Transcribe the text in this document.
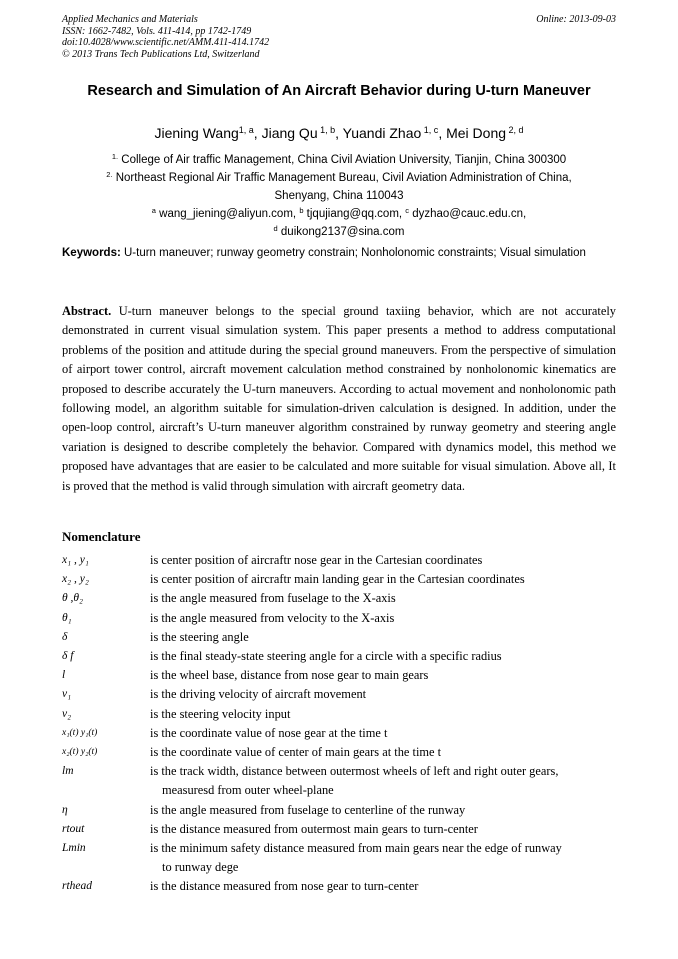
Applied Mechanics and Materials
ISSN: 1662-7482, Vols. 411-414, pp 1742-1749
doi:10.4028/www.scientific.net/AMM.411-414.1742
© 2013 Trans Tech Publications Ltd, Switzerland
Online: 2013-09-03
Research and Simulation of An Aircraft Behavior during U-turn Maneuver
Jiening Wang$^{1, a}$, Jiang Qu $^{1, b}$, Yuandi Zhao $^{1, c}$, Mei Dong $^{2, d}$
$^{1.}$ College of Air traffic Management, China Civil Aviation University, Tianjin, China 300300
$^{2.}$ Northeast Regional Air Traffic Management Bureau, Civil Aviation Administration of China,
Shenyang, China 110043
$^a$ wang_jiening@aliyun.com, $^b$ tjqujiang@qq.com, $^c$ dyzhao@cauc.edu.cn,
$^d$ duikong2137@sina.com
Keywords: U-turn maneuver; runway geometry constrain; Nonholonomic constraints; Visual simulation
Abstract. U-turn maneuver belongs to the special ground taxiing behavior, which are not accurately demonstrated in current visual simulation system. This paper presents a method to address computational problems of the position and attitude during the special ground maneuvers. From the perspective of simulation of airport tower control, aircraft movement calculation method constrained by nonholonomic kinematics are proposed to describe accurately the U-turn maneuvers. According to actual movement and nonholonomic path following model, an algorithm suitable for simulation-driven calculation is designed. In addition, under the open-loop control, aircraft’s U-turn maneuver algorithm constrained by runway geometry and steering angle variation is designed to describe completely the behavior. Compared with dynamics model, this method we proposed have advantages that are easier to be calculated and more suitable for visual simulation. Above all, It is proved that the method is valid through simulation with aircraft geometry data.
Nomenclature
x₁ , y₁	is center position of aircraftr nose gear in the Cartesian coordinates
x₂ , y₂	is center position of aircraftr main landing gear in the Cartesian coordinates
θ ,θ₂	is the angle measured from fuselage to the X-axis
θ₁	is the angle measured from velocity to the X-axis
δ	is the steering angle
δ f	is the final steady-state steering angle for a circle with a specific radius
l	is the wheel base, distance from nose gear to main gears
ν₁	is the driving velocity of aircraft movement
ν₂	is the steering velocity input
x₁(t) y₁(t)	is the coordinate value of nose gear at the time t
x₂(t) y₂(t)	is the coordinate value of center of main gears at the time t
lm	is the track width, distance between outermost wheels of left and right outer gears,
measuresd from outer wheel-plane
η	is the angle measured from fuselage to centerline of the runway
rtout	is the distance measured from outermost main gears to turn-center
Lmin	is the minimum safety distance measured from main gears near the edge of runway
to runway dege
rthead	is the distance measured from nose gear to turn-center
